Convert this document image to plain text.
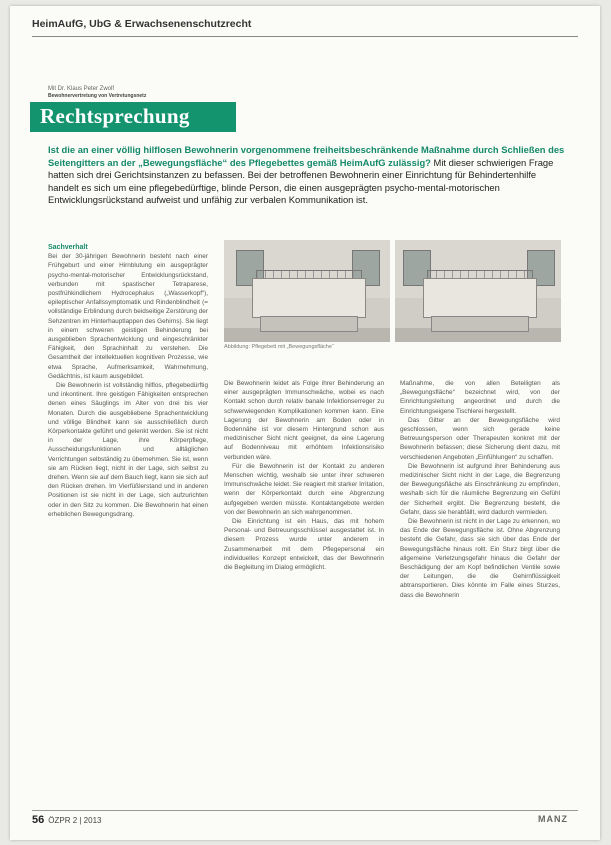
HeimAufG, UbG & Erwachsenenschutzrecht
Mit Dr. Klaus Peter Zwolf
Bewohnervertretung von Vertretungsnetz
Rechtsprechung
Ist die an einer völlig hilflosen Bewohnerin vorgenommene freiheitsbeschränkende Maßnahme durch Schließen des Seitengitters an der „Bewegungsfläche“ des Pflegebettes gemäß HeimAufG zulässig? Mit dieser schwierigen Frage hatten sich drei Gerichtsinstanzen zu befassen. Bei der betroffenen Bewohnerin einer Einrichtung für Behindertenhilfe handelt es sich um eine pflegebedürftige, blinde Person, die einen ausgeprägten psycho-mental-motorischen Entwicklungsrückstand aufweist und unfähig zur verbalen Kommunikation ist.
Sachverhalt
Bei der 30-jährigen Bewohnerin besteht nach einer Frühgeburt und einer Hirnblutung ein ausgeprägter psycho-mental-motorischer Entwicklungsrückstand, verbunden mit spastischer Tetraparese, postfrühkindlichem Hydrocephalus („Wasserkopf“), epileptischer Anfallssymptomatik und Rindenblindheit (= vollständige Erblindung durch beidseitige Zerstörung der Sehzentren im Hinterhauptlappen des Gehirns). Sie liegt in einem schweren geistigen Behinderung bei ausgeblieben Sprachentwicklung und eingeschränkter Fähigkeit, den Sprachinhalt zu verstehen. Die Gesamtheit der intellektuellen kognitiven Prozesse, wie etwa Sprache, Aufmerksamkeit, Wahrnehmung, Gedächtnis, ist kaum ausgebildet.
Die Bewohnerin ist vollständig hilflos, pflegebedürftig und inkontinent. Ihre geistigen Fähigkeiten entsprechen denen eines Säuglings im Alter von drei bis vier Monaten. Durch die ausgebliebene Sprachentwicklung und völlige Blindheit kann sie ausschließlich durch Körperkontakte geführt und gelenkt werden. Sie ist nicht in der Lage, ihre Körperpflege, Ausscheidungsfunktionen und alltäglichen Verrichtungen selbständig zu übernehmen. Sie ist, wenn sie am Rücken liegt, nicht in der Lage, sich selbst zu drehen. Wenn sie auf dem Bauch liegt, kann sie sich auf den Rücken drehen. Im Vierfüßlerstand und in anderen Positionen ist sie nicht in der Lage, sich aufzurichten oder in den Sitz zu kommen. Die Bewohnerin hat einen erheblichen Bewegungsdrang.
Abbildung: Pflegebett mit „Bewegungsfläche“
Die Bewohnerin leidet als Folge ihrer Behinderung an einer ausgeprägten Immunschwäche, wobei es nach Kontakt schon durch relativ banale Infektionserreger zu schwerwiegenden Komplikationen kommen kann. Eine Lagerung der Bewohnerin am Boden oder in Bodennähe ist vor diesem Hintergrund schon aus medizinischer Sicht nicht geeignet, da eine Lagerung auf Bodenniveau mit erhöhtem Infektionsrisiko verbunden wäre.
Für die Bewohnerin ist der Kontakt zu anderen Menschen wichtig, weshalb sie unter ihrer schweren Immunschwäche leidet. Sie reagiert mit starker Irritation, wenn der Körperkontakt durch eine Abgrenzung aufgegeben werden müsste. Kontaktangebote werden von der Bewohnerin an sich wahrgenommen.
Die Einrichtung ist ein Haus, das mit hohem Personal- und Betreuungsschlüssel ausgestattet ist. In diesem Prozess wurde unter anderem in Zusammenarbeit mit dem Pflegepersonal ein individuelles Konzept entwickelt, das der Bewohnerin die Begleitung im Dialog ermöglicht.
Maßnahme, die von allen Beteiligten als „Bewegungsfläche“ bezeichnet wird, von der Einrichtungsleitung angeordnet und durch die Einrichtungseigene Tischlerei hergestellt.
Das Gitter an der Bewegungsfläche wird geschlossen, wenn sich gerade keine Betreuungsperson oder Therapeuten konkret mit der Bewohnerin befassen; diese Sicherung dient dazu, mit verschiedenen Angeboten „Einfühlungen“ zu schaffen.
Die Bewohnerin ist aufgrund ihrer Behinderung aus medizinischer Sicht nicht in der Lage, die Begrenzung der Bewegungsfläche als Einschränkung zu empfinden, weshalb sich für die räumliche Begrenzung ein Gefühl der Sicherheit ergibt. Die Begrenzung besteht, die Gefahr, dass sie herabfällt, wird dadurch vermieden.
Die Bewohnerin ist nicht in der Lage zu erkennen, wo das Ende der Bewegungsfläche ist. Ohne Abgrenzung besteht die Gefahr, dass sie sich über das Ende der Bewegungsfläche hinaus rollt. Ein Sturz birgt über die allgemeine Verletzungsgefahr hinaus die Gefahr der Beschädigung der am Kopf befindlichen Ventile sowie der Leitungen, die die Gehirnflüssigkeit abtransportieren. Dies könnte im Falle eines Sturzes, dass die Bewohnerin
56 ÖZPR 2 | 2013	MANZ
